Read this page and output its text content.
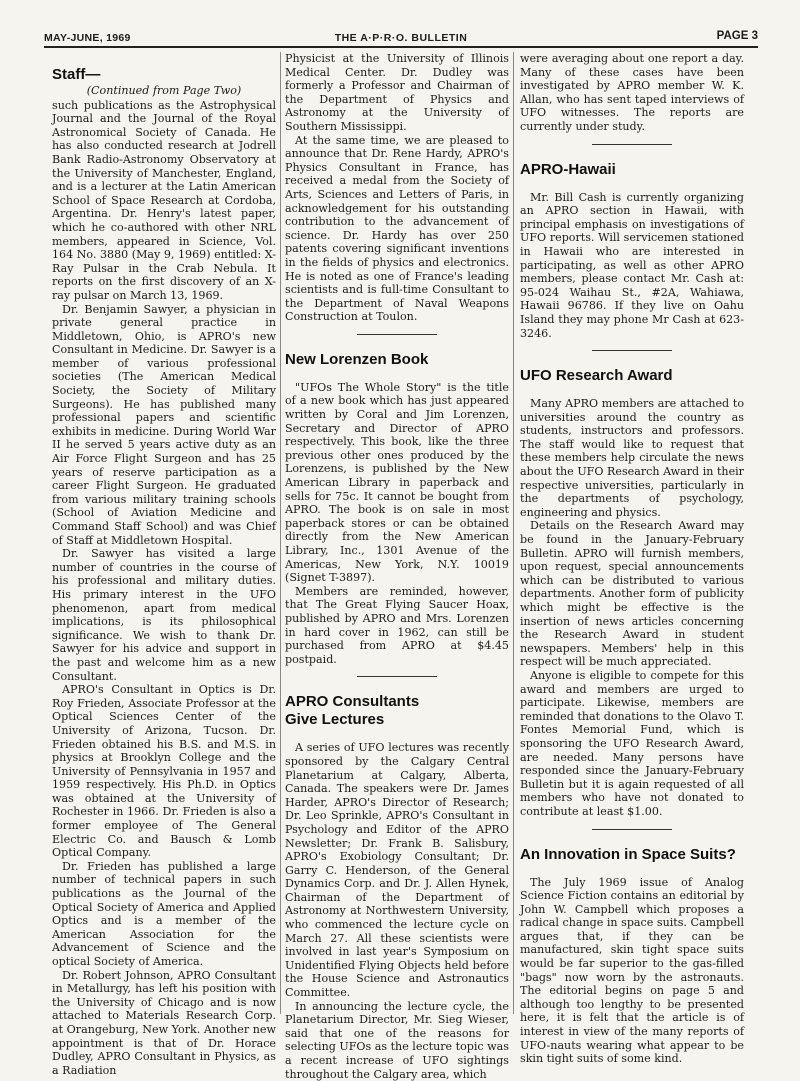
MAY-JUNE, 1969	THE A·P·R·O. BULLETIN	PAGE 3
Staff—

(Continued from Page Two)

such publications as the Astrophysical Journal and the Journal of the Royal Astronomical Society of Canada. He has also conducted research at Jodrell Bank Radio-Astronomy Observatory at the University of Manchester, England, and is a lecturer at the Latin American School of Space Research at Cordoba, Argentina. Dr. Henry's latest paper, which he co-authored with other NRL members, appeared in Science, Vol. 164 No. 3880 (May 9, 1969) entitled: X-Ray Pulsar in the Crab Nebula. It reports on the first discovery of an X-ray pulsar on March 13, 1969.

Dr. Benjamin Sawyer, a physician in private general practice in Middletown, Ohio, is APRO's new Consultant in Medicine. Dr. Sawyer is a member of various professional societies (The American Medical Society, the Society of Military Surgeons). He has published many professional papers and scientific exhibits in medicine. During World War II he served 5 years active duty as an Air Force Flight Surgeon and has 25 years of reserve participation as a career Flight Surgeon. He graduated from various military training schools (School of Aviation Medicine and Command Staff School) and was Chief of Staff at Middletown Hospital.

Dr. Sawyer has visited a large number of countries in the course of his professional and military duties. His primary interest in the UFO phenomenon, apart from medical implications, is its philosophical significance. We wish to thank Dr. Sawyer for his advice and support in the past and welcome him as a new Consultant.

APRO's Consultant in Optics is Dr. Roy Frieden, Associate Professor at the Optical Sciences Center of the University of Arizona, Tucson. Dr. Frieden obtained his B.S. and M.S. in physics at Brooklyn College and the University of Pennsylvania in 1957 and 1959 respectively. His Ph.D. in Optics was obtained at the University of Rochester in 1966. Dr. Frieden is also a former employee of The General Electric Co. and Bausch & Lomb Optical Company.

Dr. Frieden has published a large number of technical papers in such publications as the Journal of the Optical Society of America and Applied Optics and is a member of the American Association for the Advancement of Science and the optical Society of America.

Dr. Robert Johnson, APRO Consultant in Metallurgy, has left his position with the University of Chicago and is now attached to Materials Research Corp. at Orangeburg, New York. Another new appointment is that of Dr. Horace Dudley, APRO Consultant in Physics, as a Radiation

Physicist at the University of Illinois Medical Center. Dr. Dudley was formerly a Professor and Chairman of the Department of Physics and Astronomy at the University of Southern Mississippi.

At the same time, we are pleased to announce that Dr. Rene Hardy, APRO's Physics Consultant in France, has received a medal from the Society of Arts, Sciences and Letters of Paris, in acknowledgement for his outstanding contribution to the advancement of science. Dr. Hardy has over 250 patents covering significant inventions in the fields of physics and electronics. He is noted as one of France's leading scientists and is full-time Consultant to the Department of Naval Weapons Construction at Toulon.

New Lorenzen Book

"UFOs The Whole Story" is the title of a new book which has just appeared written by Coral and Jim Lorenzen, Secretary and Director of APRO respectively. This book, like the three previous other ones produced by the Lorenzens, is published by the New American Library in paperback and sells for 75c. It cannot be bought from APRO. The book is on sale in most paperback stores or can be obtained directly from the New American Library, Inc., 1301 Avenue of the Americas, New York, N.Y. 10019 (Signet T-3897).

Members are reminded, however, that The Great Flying Saucer Hoax, published by APRO and Mrs. Lorenzen in hard cover in 1962, can still be purchased from APRO at $4.45 postpaid.

APRO Consultants
Give Lectures

A series of UFO lectures was recently sponsored by the Calgary Central Planetarium at Calgary, Alberta, Canada. The speakers were Dr. James Harder, APRO's Director of Research; Dr. Leo Sprinkle, APRO's Consultant in Psychology and Editor of the APRO Newsletter; Dr. Frank B. Salisbury, APRO's Exobiology Consultant; Dr. Garry C. Henderson, of the General Dynamics Corp. and Dr. J. Allen Hynek, Chairman of the Department of Astronomy at Northwestern University, who commenced the lecture cycle on March 27. All these scientists were involved in last year's Symposium on Unidentified Flying Objects held before the House Science and Astronautics Committee.

In announcing the lecture cycle, the Planetarium Director, Mr. Sieg Wieser, said that one of the reasons for selecting UFOs as the lecture topic was a recent increase of UFO sightings throughout the Calgary area, which

were averaging about one report a day. Many of these cases have been investigated by APRO member W. K. Allan, who has sent taped interviews of UFO witnesses. The reports are currently under study.

APRO-Hawaii

Mr. Bill Cash is currently organizing an APRO section in Hawaii, with principal emphasis on investigations of UFO reports. Will servicemen stationed in Hawaii who are interested in participating, as well as other APRO members, please contact Mr. Cash at: 95-024 Waihau St., #2A, Wahiawa, Hawaii 96786. If they live on Oahu Island they may phone Mr Cash at 623-3246.

UFO Research Award

Many APRO members are attached to universities around the country as students, instructors and professors. The staff would like to request that these members help circulate the news about the UFO Research Award in their respective universities, particularly in the departments of psychology, engineering and physics.

Details on the Research Award may be found in the January-February Bulletin. APRO will furnish members, upon request, special announcements which can be distributed to various departments. Another form of publicity which might be effective is the insertion of news articles concerning the Research Award in student newspapers. Members' help in this respect will be much appreciated.

Anyone is eligible to compete for this award and members are urged to participate. Likewise, members are reminded that donations to the Olavo T. Fontes Memorial Fund, which is sponsoring the UFO Research Award, are needed. Many persons have responded since the January-February Bulletin but it is again requested of all members who have not donated to contribute at least $1.00.

An Innovation in Space Suits?

The July 1969 issue of Analog Science Fiction contains an editorial by John W. Campbell which proposes a radical change in space suits. Campbell argues that, if they can be manufactured, skin tight space suits would be far superior to the gas-filled "bags" now worn by the astronauts. The editorial begins on page 5 and although too lengthy to be presented here, it is felt that the article is of interest in view of the many reports of UFO-nauts wearing what appear to be skin tight suits of some kind.
